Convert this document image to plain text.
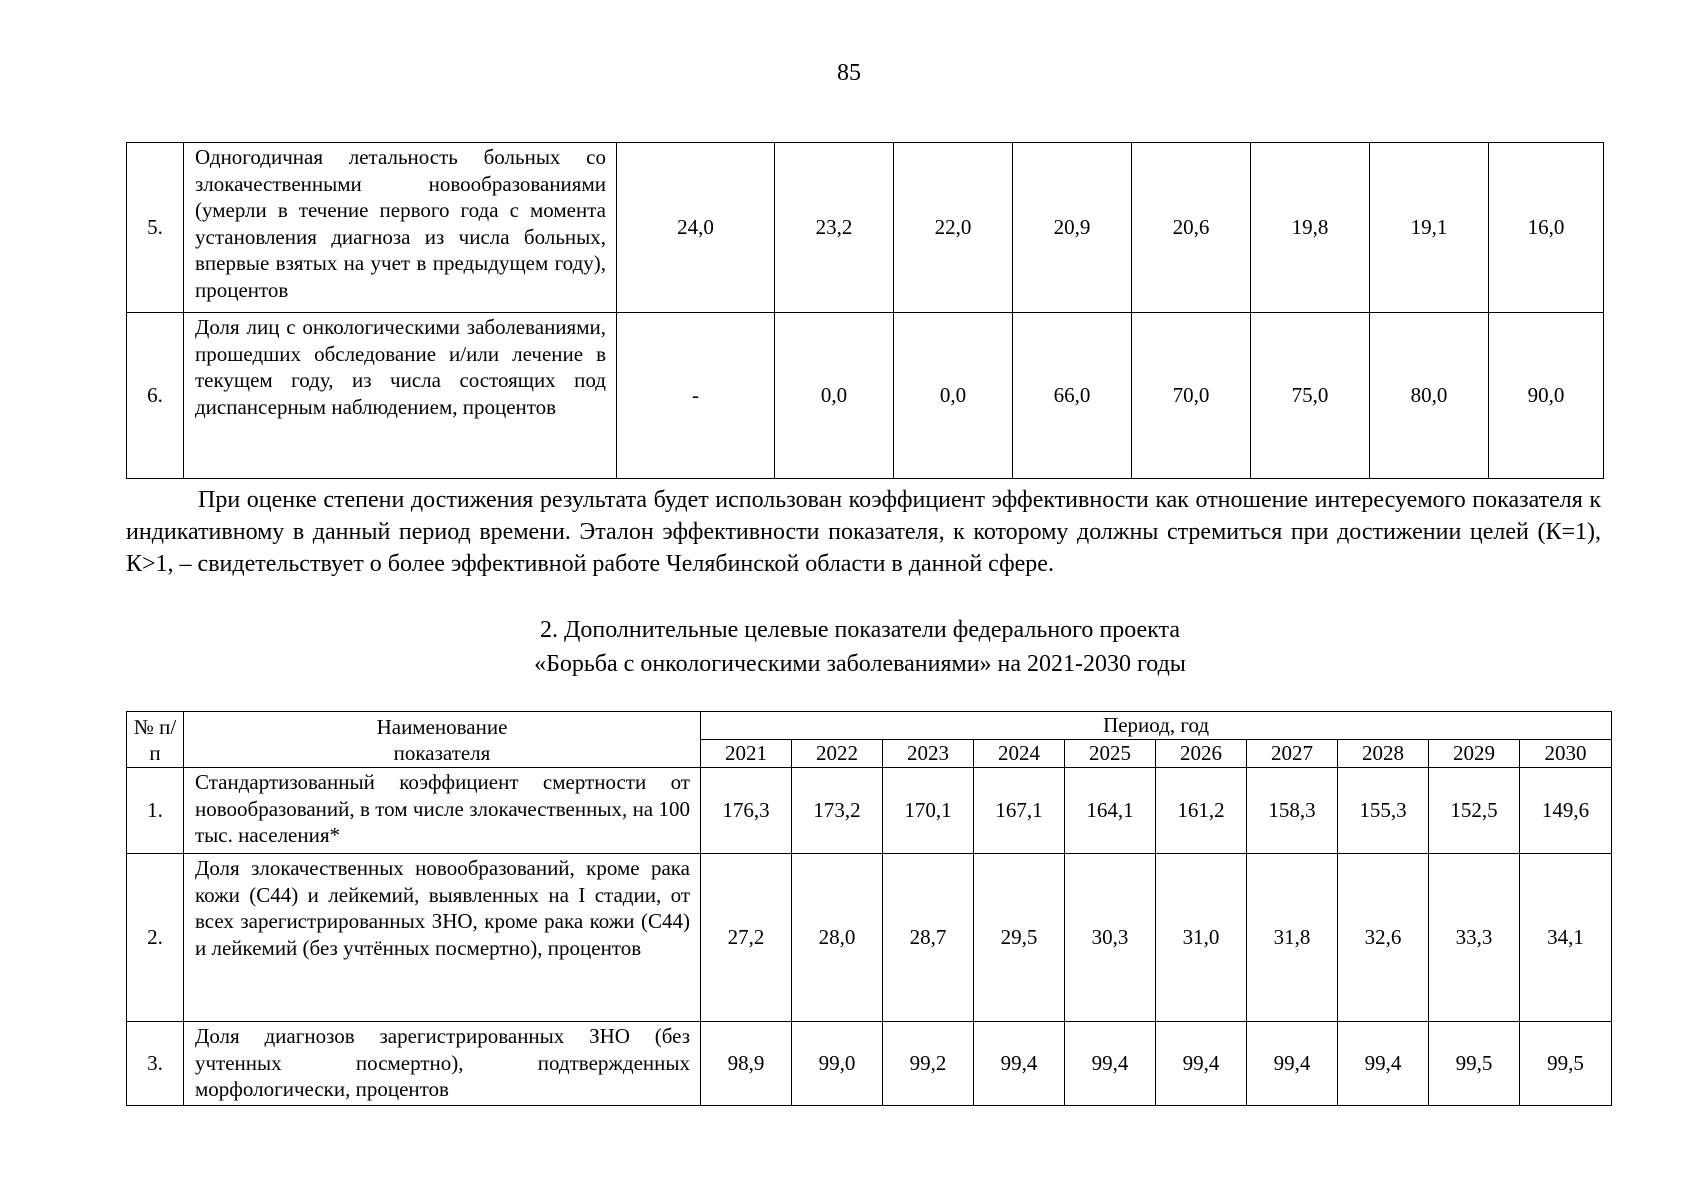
85
5.	Одногодичная летальность больных со злокачественными новообразованиями (умерли в течение первого года с момента установления диагноза из числа больных, впервые взятых на учет в предыдущем году), процентов	24,0	23,2	22,0	20,9	20,6	19,8	19,1	16,0
6.	Доля лиц с онкологическими заболеваниями, прошедших обследование и/или лечение в текущем году, из числа состоящих под диспансерным наблюдением, процентов	-	0,0	0,0	66,0	70,0	75,0	80,0	90,0

При оценке степени достижения результата будет использован коэффициент эффективности как отношение интересуемого показателя к индикативному в данный период времени. Эталон эффективности показателя, к которому должны стремиться при достижении целей (К=1), К>1, – свидетельствует о более эффективной работе Челябинской области в данной сфере.

2. Дополнительные целевые показатели федерального проекта

«Борьба с онкологическими заболеваниями» на 2021-2030 годы

№ п/п	Наименование показателя	Период, год									
		2021	2022	2023	2024	2025	2026	2027	2028	2029	2030
1.	Стандартизованный коэффициент смертности от новообразований, в том числе злокачественных, на 100 тыс. населения*	176,3	173,2	170,1	167,1	164,1	161,2	158,3	155,3	152,5	149,6
2.	Доля злокачественных новообразований, кроме рака кожи (С44) и лейкемий, выявленных на I стадии, от всех зарегистрированных ЗНО, кроме рака кожи (С44) и лейкемий (без учтённых посмертно), процентов	27,2	28,0	28,7	29,5	30,3	31,0	31,8	32,6	33,3	34,1
3.	Доля диагнозов зарегистрированных ЗНО (без учтенных посмертно), подтвержденных морфологически, процентов	98,9	99,0	99,2	99,4	99,4	99,4	99,4	99,4	99,5	99,5
